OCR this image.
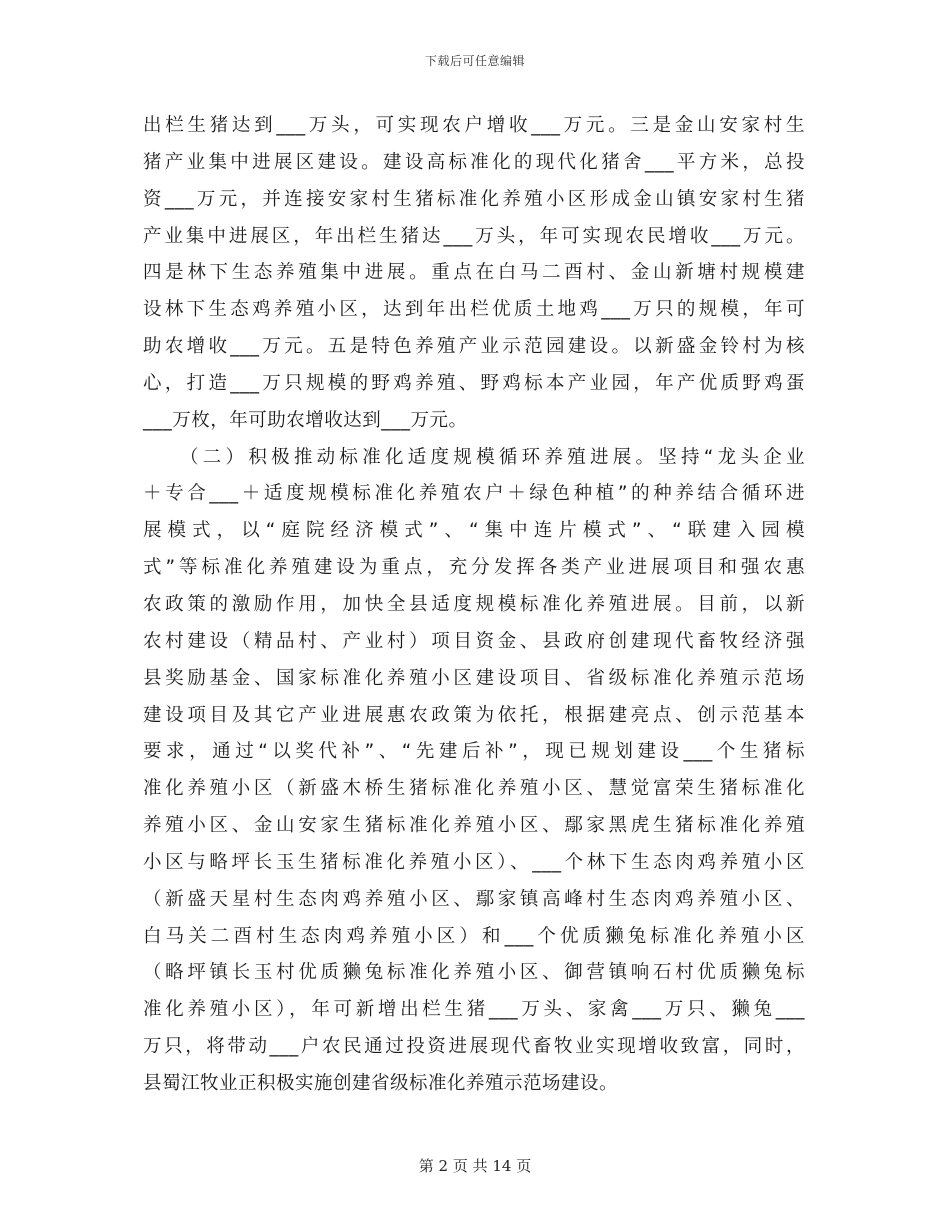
下载后可任意编辑
出栏生猪达到___万头，可实现农户增收___万元。三是金山安家村生
猪产业集中进展区建设。建设高标准化的现代化猪舍___平方米，总投
资___万元，并连接安家村生猪标准化养殖小区形成金山镇安家村生猪
产业集中进展区，年出栏生猪达___万头，年可实现农民增收___万元。
四是林下生态养殖集中进展。重点在白马二酉村、金山新塘村规模建
设林下生态鸡养殖小区，达到年出栏优质土地鸡___万只的规模，年可
助农增收___万元。五是特色养殖产业示范园建设。以新盛金铃村为核
心，打造___万只规模的野鸡养殖、野鸡标本产业园，年产优质野鸡蛋
___万枚，年可助农增收达到___万元。
（二）积极推动标准化适度规模循环养殖进展。坚持“龙头企业
＋专合___＋适度规模标准化养殖农户＋绿色种植”的种养结合循环进
展模式，以“庭院经济模式”、“集中连片模式”、“联建入园模
式”等标准化养殖建设为重点，充分发挥各类产业进展项目和强农惠
农政策的激励作用，加快全县适度规模标准化养殖进展。目前，以新
农村建设（精品村、产业村）项目资金、县政府创建现代畜牧经济强
县奖励基金、国家标准化养殖小区建设项目、省级标准化养殖示范场
建设项目及其它产业进展惠农政策为依托，根据建亮点、创示范基本
要求，通过“以奖代补”、“先建后补”，现已规划建设___个生猪标
准化养殖小区（新盛木桥生猪标准化养殖小区、慧觉富荣生猪标准化
养殖小区、金山安家生猪标准化养殖小区、鄢家黑虎生猪标准化养殖
小区与略坪长玉生猪标准化养殖小区）、___个林下生态肉鸡养殖小区
（新盛天星村生态肉鸡养殖小区、鄢家镇高峰村生态肉鸡养殖小区、
白马关二酉村生态肉鸡养殖小区）和___个优质獭兔标准化养殖小区
（略坪镇长玉村优质獭兔标准化养殖小区、御营镇响石村优质獭兔标
准化养殖小区），年可新增出栏生猪___万头、家禽___万只、獭兔___
万只，将带动___户农民通过投资进展现代畜牧业实现增收致富，同时，
县蜀江牧业正积极实施创建省级标准化养殖示范场建设。
第 2 页 共 14 页
